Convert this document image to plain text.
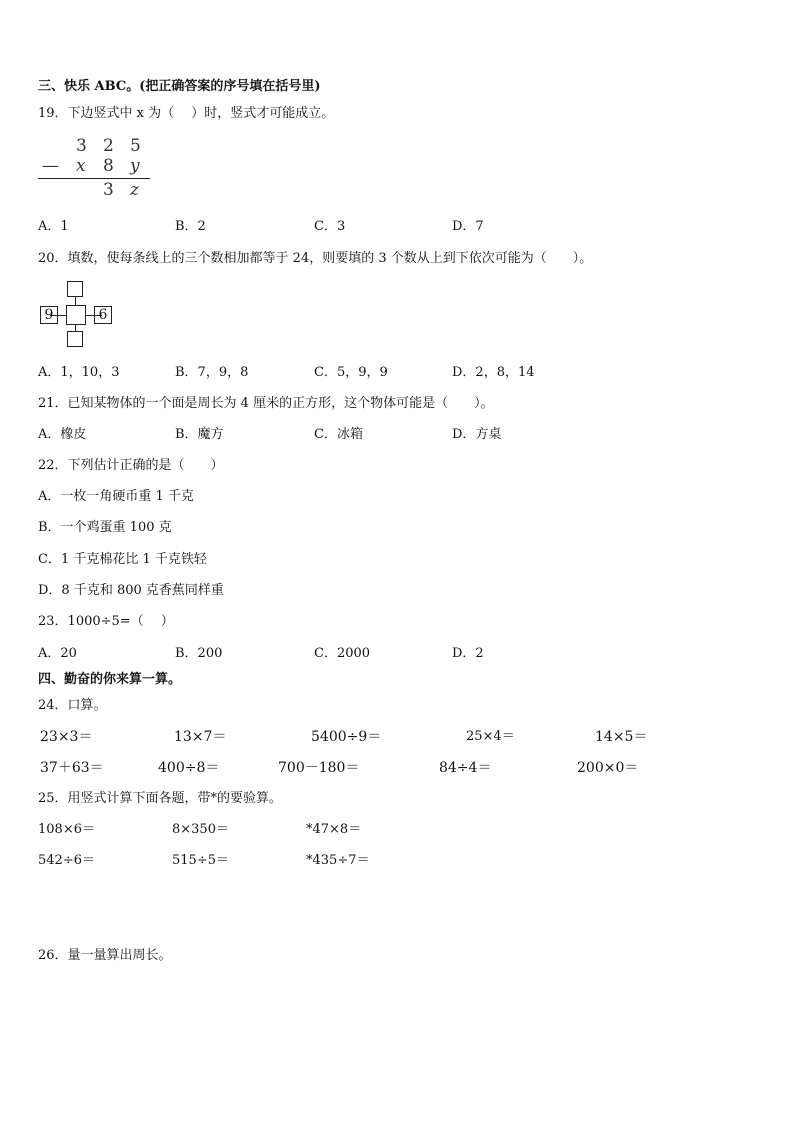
三、快乐 ABC。(把正确答案的序号填在括号里)
19．下边竖式中 x 为（　 ）时，竖式才可能成立。
3 2 5
— x 8 y
3 z
A．1	B．2	C．3	D．7
20．填数，使每条线上的三个数相加都等于 24，则要填的 3 个数从上到下依次可能为（　　）。
9	6
A．1，10，3	B．7，9，8	C．5，9，9	D．2，8，14
21．已知某物体的一个面是周长为 4 厘米的正方形，这个物体可能是（　　）。
A．橡皮	B．魔方	C．冰箱	D．方桌
22．下列估计正确的是（　　）
A．一枚一角硬币重 1 千克
B．一个鸡蛋重 100 克
C．1 千克棉花比 1 千克铁轻
D．8 千克和 800 克香蕉同样重
23．1000÷5=（　 ）
A．20	B．200	C．2000	D．2
四、勤奋的你来算一算。
24．口算。
23×3＝	13×7＝	5400÷9＝	25×4＝	14×5＝
37＋63＝	400÷8＝	700－180＝	84÷4＝	200×0＝
25．用竖式计算下面各题，带*的要验算。
108×6＝	8×350＝	*47×8＝
542÷6＝	515÷5＝	*435÷7＝
26．量一量算出周长。
